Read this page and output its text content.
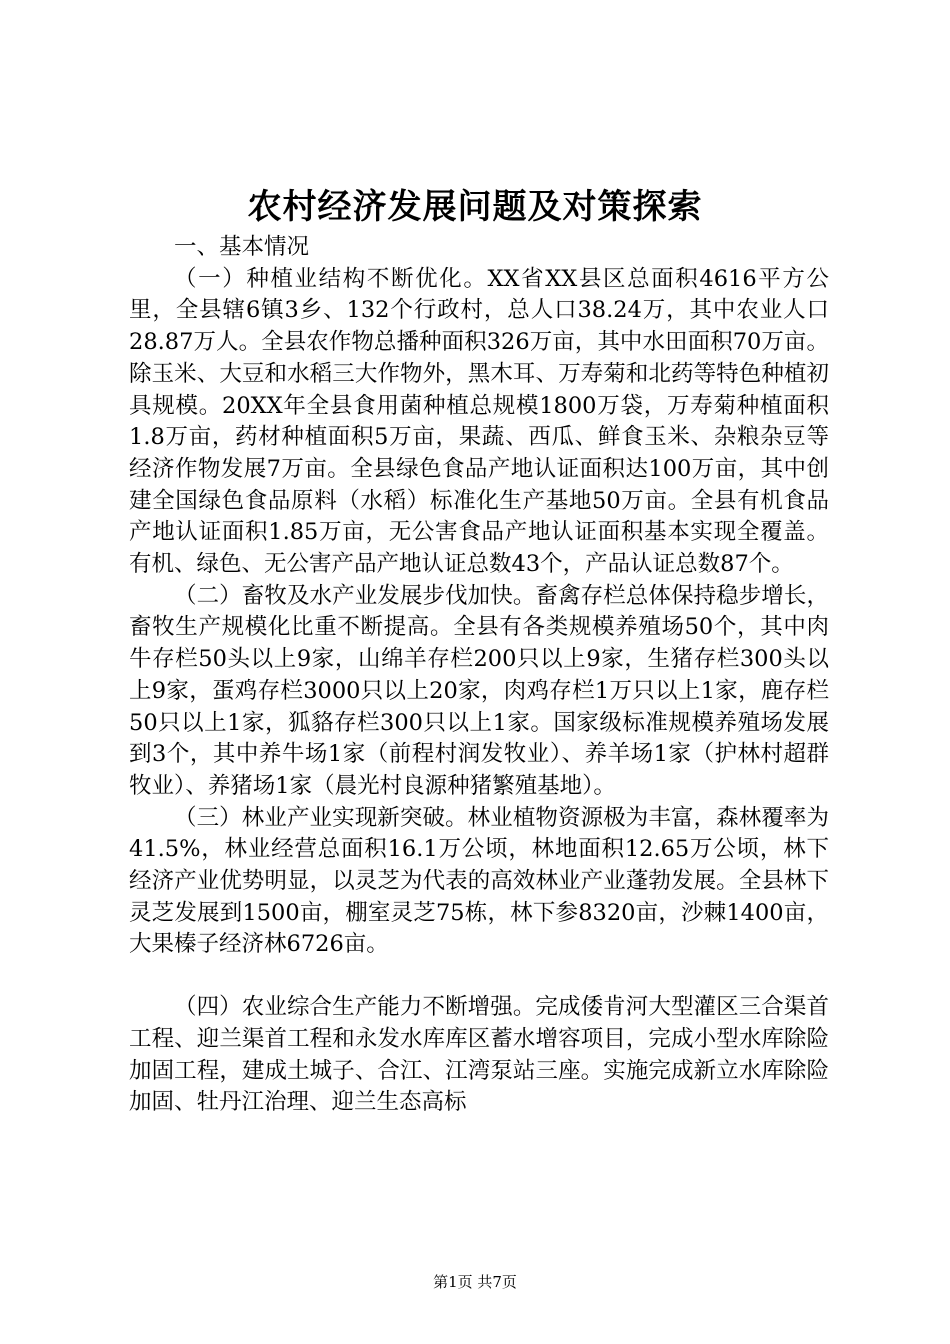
农村经济发展问题及对策探索

一、基本情况

（一）种植业结构不断优化。XX省XX县区总面积4616平方公里，全县辖6镇3乡、132个行政村，总人口38.24万，其中农业人口28.87万人。全县农作物总播种面积326万亩，其中水田面积70万亩。除玉米、大豆和水稻三大作物外，黑木耳、万寿菊和北药等特色种植初具规模。20XX年全县食用菌种植总规模1800万袋，万寿菊种植面积1.8万亩，药材种植面积5万亩，果蔬、西瓜、鲜食玉米、杂粮杂豆等经济作物发展7万亩。全县绿色食品产地认证面积达100万亩，其中创建全国绿色食品原料（水稻）标准化生产基地50万亩。全县有机食品产地认证面积1.85万亩，无公害食品产地认证面积基本实现全覆盖。有机、绿色、无公害产品产地认证总数43个，产品认证总数87个。

（二）畜牧及水产业发展步伐加快。畜禽存栏总体保持稳步增长，畜牧生产规模化比重不断提高。全县有各类规模养殖场50个，其中肉牛存栏50头以上9家，山绵羊存栏200只以上9家，生猪存栏300头以上9家，蛋鸡存栏3000只以上20家，肉鸡存栏1万只以上1家，鹿存栏50只以上1家，狐貉存栏300只以上1家。国家级标准规模养殖场发展到3个，其中养牛场1家（前程村润发牧业）、养羊场1家（护林村超群牧业）、养猪场1家（晨光村良源种猪繁殖基地）。

（三）林业产业实现新突破。林业植物资源极为丰富，森林覆率为41.5%，林业经营总面积16.1万公顷，林地面积12.65万公顷，林下经济产业优势明显，以灵芝为代表的高效林业产业蓬勃发展。全县林下灵芝发展到1500亩，棚室灵芝75栋，林下参8320亩，沙棘1400亩，大果榛子经济林6726亩。

（四）农业综合生产能力不断增强。完成倭肯河大型灌区三合渠首工程、迎兰渠首工程和永发水库库区蓄水增容项目，完成小型水库除险加固工程，建成土城子、合江、江湾泵站三座。实施完成新立水库除险加固、牡丹江治理、迎兰生态高标

第1页 共7页
